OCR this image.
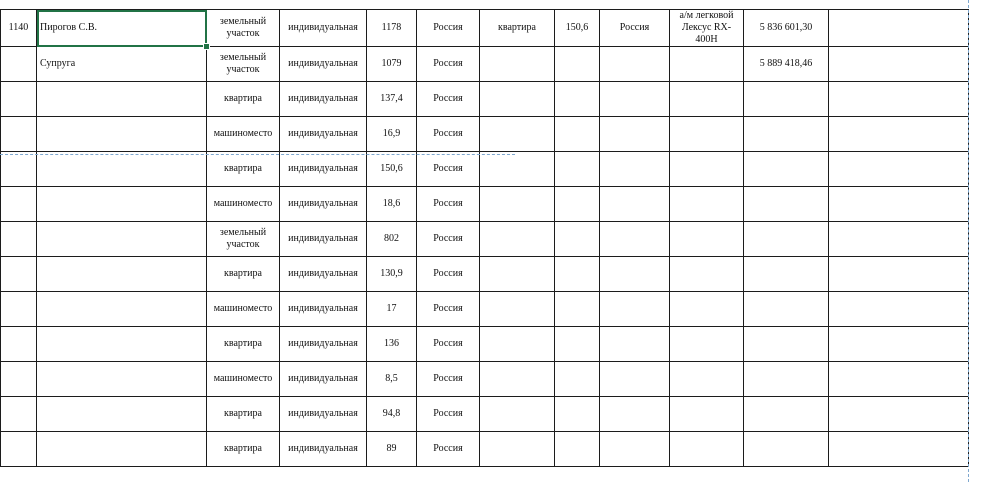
1140	Пирогов С.В.	земельный участок	индивидуальная	1178	Россия	квартира	150,6	Россия	а/м легковой Лексус RX-400H	5 836 601,30	
	Супруга	земельный участок	индивидуальная	1079	Россия					5 889 418,46	
		квартира	индивидуальная	137,4	Россия						
		машиноместо	индивидуальная	16,9	Россия						
		квартира	индивидуальная	150,6	Россия						
		машиноместо	индивидуальная	18,6	Россия						
		земельный участок	индивидуальная	802	Россия						
		квартира	индивидуальная	130,9	Россия						
		машиноместо	индивидуальная	17	Россия						
		квартира	индивидуальная	136	Россия						
		машиноместо	индивидуальная	8,5	Россия						
		квартира	индивидуальная	94,8	Россия						
		квартира	индивидуальная	89	Россия						
